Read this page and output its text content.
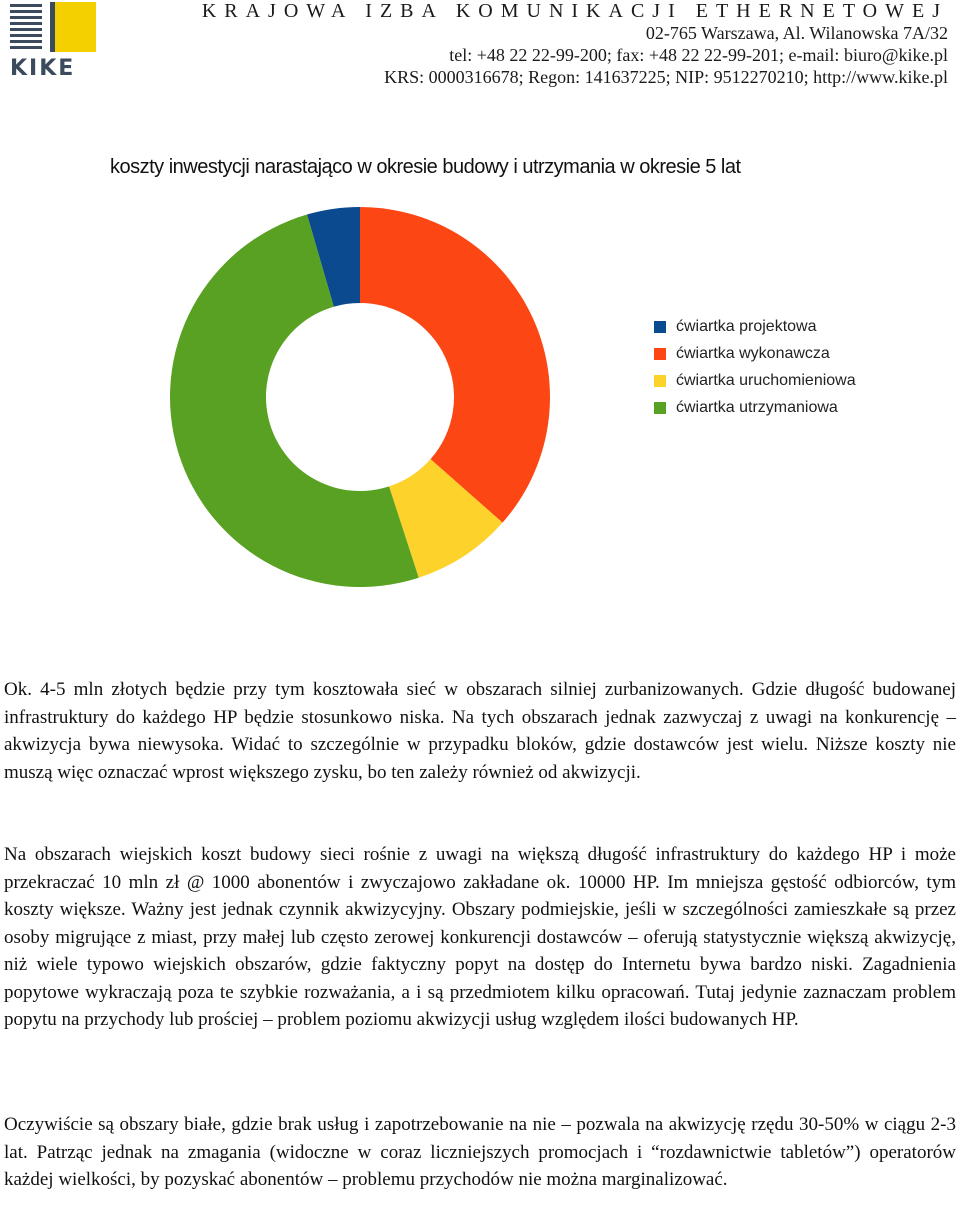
KIKE
KRAJOWA IZBA KOMUNIKACJI ETHERNETOWEJ
02-765 Warszawa, Al. Wilanowska 7A/32
tel: +48 22 22-99-200; fax: +48 22 22-99-201; e-mail: biuro@kike.pl
KRS: 0000316678; Regon: 141637225; NIP: 9512270210; http://www.kike.pl
koszty inwestycji narastająco w okresie budowy i utrzymania w okresie 5 lat
ćwiartka projektowa
ćwiartka wykonawcza
ćwiartka uruchomieniowa
ćwiartka utrzymaniowa

Ok. 4-5 mln złotych będzie przy tym kosztowała sieć w obszarach silniej zurbanizowanych. Gdzie długość budowanej infrastruktury do każdego HP będzie stosunkowo niska. Na tych obszarach jednak zazwyczaj z uwagi na konkurencję – akwizycja bywa niewysoka. Widać to szczególnie w przypadku bloków, gdzie dostawców jest wielu. Niższe koszty nie muszą więc oznaczać wprost większego zysku, bo ten zależy również od akwizycji.

Na obszarach wiejskich koszt budowy sieci rośnie z uwagi na większą długość infrastruktury do każdego HP i może przekraczać 10 mln zł @ 1000 abonentów i zwyczajowo zakładane ok. 10000 HP. Im mniejsza gęstość odbiorców, tym koszty większe. Ważny jest jednak czynnik akwizycyjny. Obszary podmiejskie, jeśli w szczególności zamieszkałe są przez osoby migrujące z miast, przy małej lub często zerowej konkurencji dostawców – oferują statystycznie większą akwizycję, niż wiele typowo wiejskich obszarów, gdzie faktyczny popyt na dostęp do Internetu bywa bardzo niski. Zagadnienia popytowe wykraczają poza te szybkie rozważania, a i są przedmiotem kilku opracowań. Tutaj jedynie zaznaczam problem popytu na przychody lub prościej – problem poziomu akwizycji usług względem ilości budowanych HP.

Oczywiście są obszary białe, gdzie brak usług i zapotrzebowanie na nie – pozwala na akwizycję rzędu 30-50% w ciągu 2-3 lat. Patrząc jednak na zmagania (widoczne w coraz liczniejszych promocjach i “rozdawnictwie tabletów”) operatorów każdej wielkości, by pozyskać abonentów – problemu przychodów nie można marginalizować.
